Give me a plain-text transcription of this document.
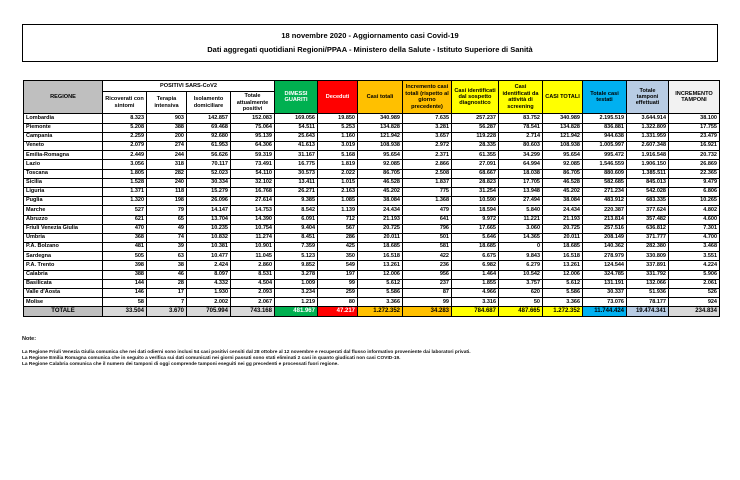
18 novembre 2020 - Aggiornamento casi Covid-19
Dati aggregati quotidiani Regioni/PPAA - Ministero della Salute - Istituto Superiore di Sanità
REGIONE	POSITIVI SARS-CoV2				DIMESSI GUARITI	Deceduti	Casi totali	Incremento casi totali (rispetto al giorno precedente)	Casi identificati dal sospetto diagnostico	Casi identificati da attività di screening	CASI TOTALI	Totale casi testati	Totale tamponi effettuati	INCREMENTO TAMPONI
	Ricoverati con sintomi	Terapia intensiva	Isolamento domiciliare	Totale attualmente positivi										
Lombardia	8.323	903	142.857	152.083	169.056	19.850	340.989	7.635	257.237	83.752	340.989	2.195.519	3.644.914	38.100
Piemonte	5.208	388	69.468	75.064	54.511	5.253	134.828	3.281	56.287	78.541	134.828	836.881	1.322.809	17.755
Campania	2.259	200	92.680	95.139	25.643	1.160	121.942	3.657	119.228	2.714	121.942	944.638	1.331.959	23.479
Veneto	2.079	274	61.953	64.306	41.613	3.019	108.938	2.972	28.335	80.603	108.938	1.005.997	2.607.348	16.921
Emilia-Romagna	2.449	244	56.626	59.319	31.167	5.168	95.654	2.371	61.355	34.299	95.654	995.472	1.916.548	20.732
Lazio	3.056	318	70.117	73.491	16.775	1.819	92.085	2.866	27.091	64.994	92.085	1.546.559	1.906.150	26.869
Toscana	1.805	282	52.023	54.110	30.573	2.022	86.705	2.508	68.667	18.038	86.705	880.609	1.385.511	22.365
Sicilia	1.528	240	30.334	32.102	13.411	1.015	46.528	1.837	28.823	17.705	46.528	582.685	845.013	9.479
Liguria	1.371	118	15.279	16.768	26.271	2.163	45.202	775	31.254	13.948	45.202	271.234	542.028	6.806
Puglia	1.320	198	26.096	27.614	9.385	1.085	38.084	1.368	10.590	27.494	38.084	483.912	683.335	10.265
Marche	527	79	14.147	14.753	8.542	1.139	24.434	479	18.594	5.840	24.434	220.387	377.624	4.802
Abruzzo	621	65	13.704	14.390	6.091	712	21.193	641	9.972	11.221	21.193	213.814	357.482	4.600
Friuli Venezia Giulia	470	49	10.235	10.754	9.404	567	20.725	796	17.665	3.060	20.725	257.516	636.812	7.301
Umbria	368	74	10.832	11.274	8.451	286	20.011	501	5.646	14.365	20.011	208.149	371.777	4.700
P.A. Bolzano	481	39	10.381	10.901	7.359	425	18.685	581	18.685	0	18.685	140.362	282.380	3.468
Sardegna	505	63	10.477	11.045	5.123	350	16.518	422	6.675	9.843	16.518	278.979	330.809	3.551
P.A. Trento	398	38	2.424	2.860	9.852	549	13.261	236	6.982	6.279	13.261	124.544	337.891	4.224
Calabria	388	46	8.097	8.531	3.278	197	12.006	956	1.464	10.542	12.006	324.785	331.792	5.906
Basilicata	144	28	4.332	4.504	1.009	99	5.612	237	1.855	3.757	5.612	131.191	132.066	2.061
Valle d'Aosta	146	17	1.930	2.093	3.234	259	5.586	87	4.966	620	5.586	30.337	51.936	526
Molise	58	7	2.002	2.067	1.219	80	3.366	99	3.316	50	3.366	73.076	78.177	924
TOTALE	33.504	3.670	705.994	743.168	481.967	47.217	1.272.352	34.283	784.687	487.665	1.272.352	11.744.424	19.474.341	234.834
Note:
La Regione Friuli Venezia Giulia comunica che nei dati odierni sono inclusi 54 casi positivi censiti dal 28 ottobre al 12 novembre e recuperati dal flusso informativo proveniente dai laboratori privati.
La Regione Emilia Romagna comunica che in seguito a verifica sui dati comunicati nei giorni passati sono stati eliminati 2 casi in quanto giudicati non casi COVID-19.
La Regione Calabria comunica che il numero dei tamponi di oggi comprende tamponi eseguiti nei gg precedenti e processati fuori regione.
